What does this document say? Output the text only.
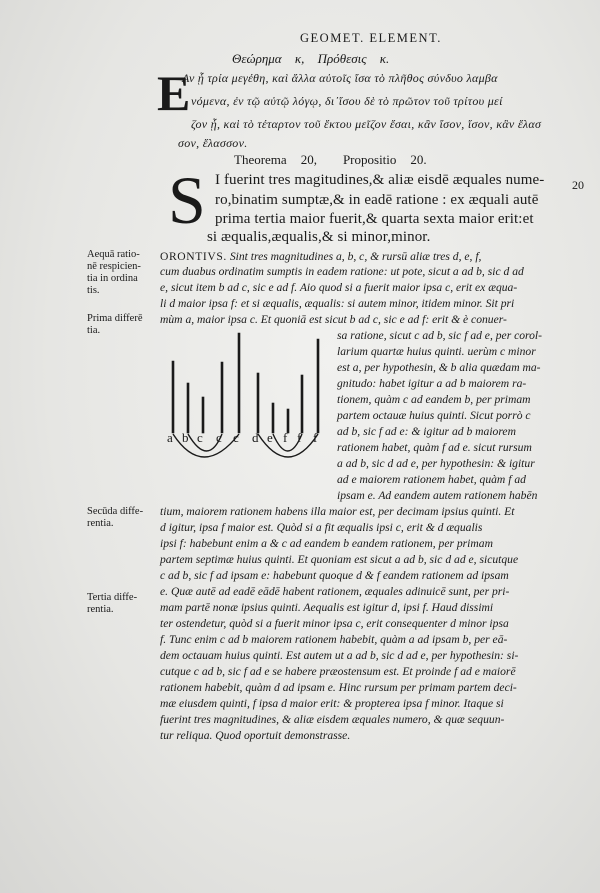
GEOMET. ELEMENT.
Θεώρημα κ, Πρόθεσις κ.
E
Αν ᾖ τρία μεγέθη, καὶ ἄλλα αὐτοῖς ἴσα τὸ πλῆθος σύνδυο λαμβα
νόμενα, ἐν τῷ αὐτῷ λόγῳ, δι᾽ἴσου δὲ τὸ πρῶτον τοῦ τρίτου μεί
ζον ᾖ, καὶ τὸ τέταρτον τοῦ ἕκτου μεῖζον ἔσαι, κἂν ἴσον, ἴσον, κἂν ἔλασ
σον, ἔλασσον.
Theorema 20, Propositio 20.
20
S I fuerint tres magitudines,& aliæ eisdē æquales nume-
ro,binatim sumptæ,& in eadē ratione : ex æquali autē
prima tertia maior fuerit,& quarta sexta maior erit:et
si æqualis,æqualis,& si minor,minor.
Aequā ratio-
nē respicien-
tia in ordina
tis.
Prima differē
tia.
Secūda diffe-
rentia.
Tertia diffe-
rentia.
ORONTIVS. Sint tres magnitudines a, b, c, & rursū aliæ tres d, e, f,
cum duabus ordinatim sumptis in eadem ratione: ut pote, sicut a ad b, sic d ad
e, sicut item b ad c, sic e ad f. Aio quod si a fuerit maior ipsa c, erit ex æqua-
li d maior ipsa f: et si æqualis, æqualis: si autem minor, itidem minor. Sit pri
mùm a, maior ipsa c. Et quoniā est sicut b ad c, sic e ad f: erit & è conuer-
sa ratione, sicut c ad b, sic f ad e, per corol-
larium quartæ huius quinti. uerùm c minor
est a, per hypothesin, & b alia quædam ma-
gnitudo: habet igitur a ad b maiorem ra-
tionem, quàm c ad eandem b, per primam
partem octauæ huius quinti. Sicut porrò c
ad b, sic f ad e: & igitur ad b maiorem
rationem habet, quàm f ad e. sicut rursum
a ad b, sic d ad e, per hypothesin: & igitur
ad e maiorem rationem habet, quàm f ad
ipsam e. Ad eandem autem rationem habēn
tium, maiorem rationem habens illa maior est, per decimam ipsius quinti. Et
d igitur, ipsa f maior est. Quòd si a fit æqualis ipsi c, erit & d æqualis
ipsi f: habebunt enim a & c ad eandem b eandem rationem, per primam
partem septimæ huius quinti. Et quoniam est sicut a ad b, sic d ad e, sicutque
c ad b, sic f ad ipsam e: habebunt quoque d & f eandem rationem ad ipsam
e. Quæ autē ad eadē eādē habent rationem, æquales adinuicē sunt, per pri-
mam partē nonæ ipsius quinti. Aequalis est igitur d, ipsi f. Haud dissimi
ter ostendetur, quòd si a fuerit minor ipsa c, erit consequenter d minor ipsa
f. Tunc enim c ad b maiorem rationem habebit, quàm a ad ipsam b, per eā-
dem octauam huius quinti. Est autem ut a ad b, sic d ad e, per hypothesin: si-
cutque c ad b, sic f ad e se habere præostensum est. Et proinde f ad e maiorē
rationem habebit, quàm d ad ipsam e. Hinc rursum per primam partem deci-
mæ eiusdem quinti, f ipsa d maior erit: & propterea ipsa f minor. Itaque si
fuerint tres magnitudines, & aliæ eisdem æquales numero, & quæ sequun-
tur reliqua. Quod oportuit demonstrasse.
a b c c c d e f f f
